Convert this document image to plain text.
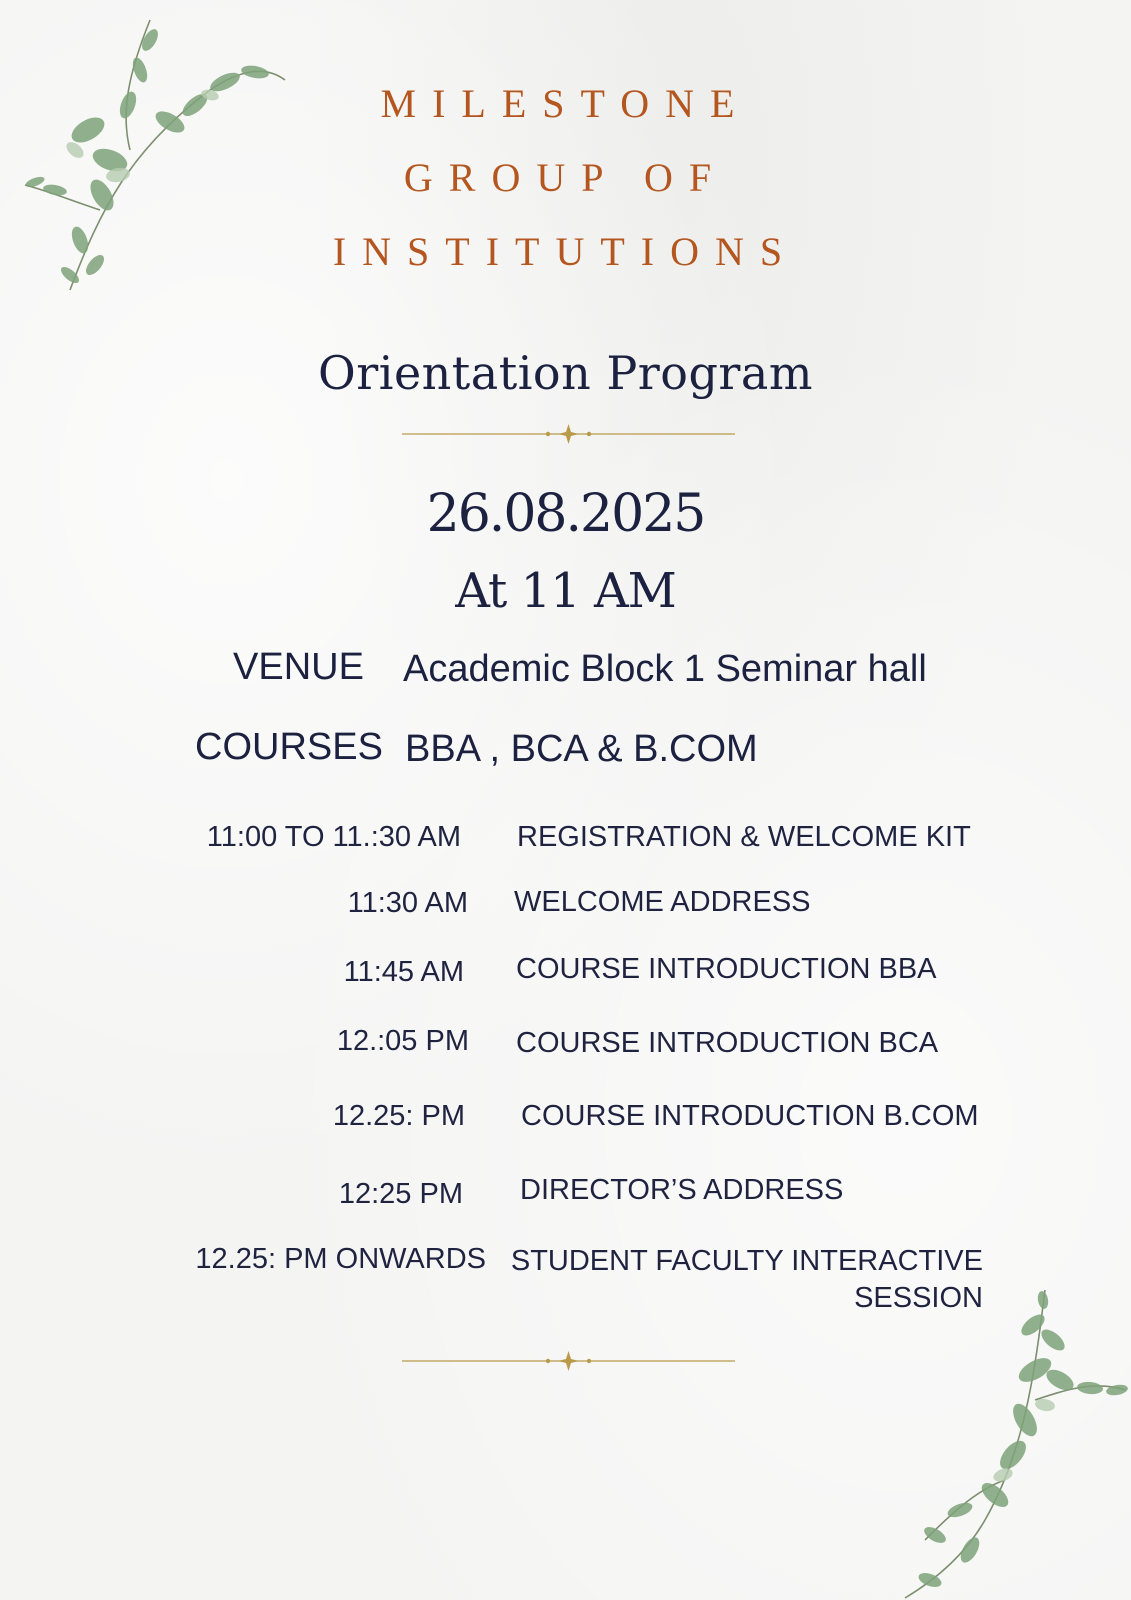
MILESTONE
GROUP OF
INSTITUTIONS
Orientation Program
26.08.2025
At 11 AM
VENUE Academic Block 1 Seminar hall
COURSES BBA , BCA & B.COM
11:00 TO 11.:30 AM REGISTRATION & WELCOME KIT
11:30 AM WELCOME ADDRESS
11:45 AM COURSE INTRODUCTION BBA
12.:05 PM COURSE INTRODUCTION BCA
12.25: PM COURSE INTRODUCTION B.COM
12:25 PM DIRECTOR’S ADDRESS
12.25: PM ONWARDS STUDENT FACULTY INTERACTIVE
SESSION
